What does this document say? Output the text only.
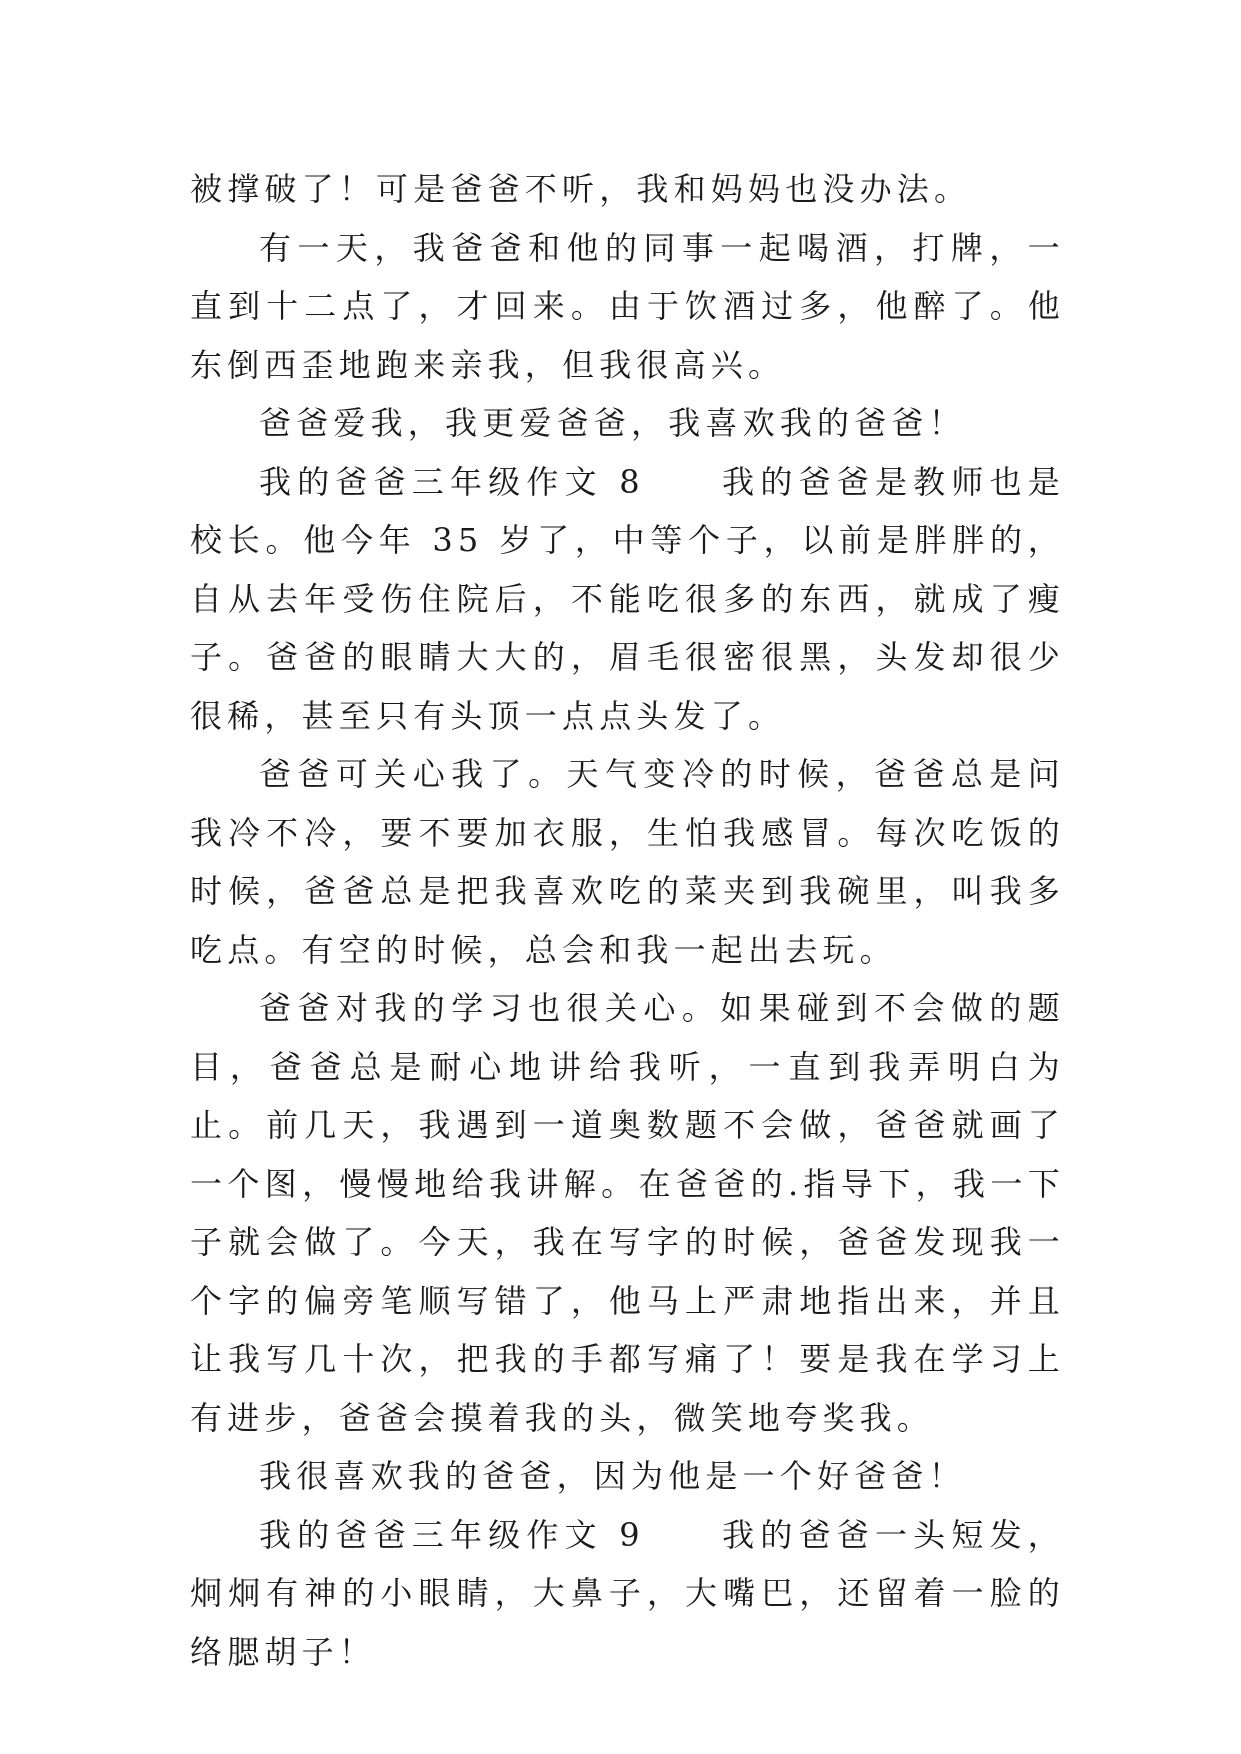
被撑破了！可是爸爸不听，我和妈妈也没办法。

有一天，我爸爸和他的同事一起喝酒，打牌，一直到十二点了，才回来。由于饮酒过多，他醉了。他东倒西歪地跑来亲我，但我很高兴。

爸爸爱我，我更爱爸爸，我喜欢我的爸爸！

我的爸爸三年级作文 8　　我的爸爸是教师也是校长。他今年 35 岁了，中等个子，以前是胖胖的，自从去年受伤住院后，不能吃很多的东西，就成了瘦子。爸爸的眼睛大大的，眉毛很密很黑，头发却很少很稀，甚至只有头顶一点点头发了。

爸爸可关心我了。天气变冷的时候，爸爸总是问我冷不冷，要不要加衣服，生怕我感冒。每次吃饭的时候，爸爸总是把我喜欢吃的菜夹到我碗里，叫我多吃点。有空的时候，总会和我一起出去玩。

爸爸对我的学习也很关心。如果碰到不会做的题目，爸爸总是耐心地讲给我听，一直到我弄明白为止。前几天，我遇到一道奥数题不会做，爸爸就画了一个图，慢慢地给我讲解。在爸爸的.指导下，我一下子就会做了。今天，我在写字的时候，爸爸发现我一个字的偏旁笔顺写错了，他马上严肃地指出来，并且让我写几十次，把我的手都写痛了！要是我在学习上有进步，爸爸会摸着我的头，微笑地夸奖我。

我很喜欢我的爸爸，因为他是一个好爸爸！

我的爸爸三年级作文 9　　我的爸爸一头短发，炯炯有神的小眼睛，大鼻子，大嘴巴，还留着一脸的络腮胡子！
